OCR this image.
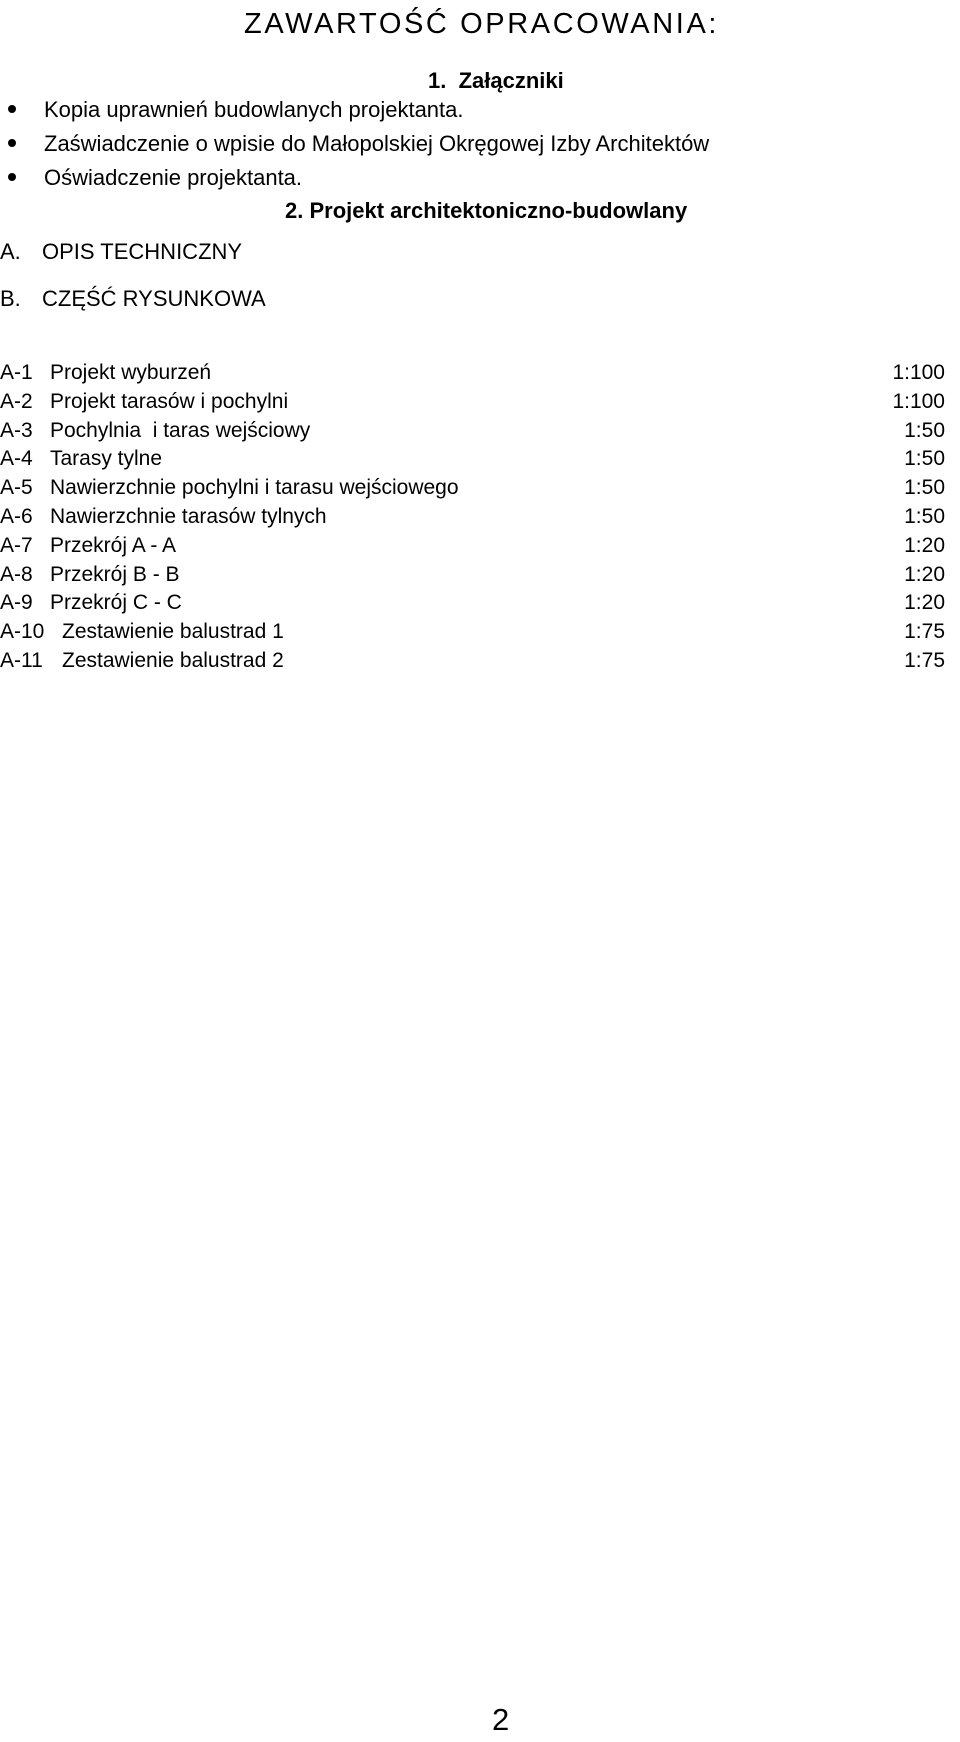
ZAWARTOŚĆ OPRACOWANIA:
1.  Załączniki
Kopia uprawnień budowlanych projektanta.
Zaświadczenie o wpisie do Małopolskiej Okręgowej Izby Architektów
Oświadczenie projektanta.
2. Projekt architektoniczno-budowlany
A. OPIS TECHNICZNY
B. CZĘŚĆ RYSUNKOWA
A-1 Projekt wyburzeń	1:100
A-2 Projekt tarasów i pochylni	1:100
A-3 Pochylnia  i taras wejściowy	1:50
A-4 Tarasy tylne	1:50
A-5 Nawierzchnie pochylni i tarasu wejściowego	1:50
A-6 Nawierzchnie tarasów tylnych	1:50
A-7 Przekrój A - A	1:20
A-8 Przekrój B - B	1:20
A-9 Przekrój C - C	1:20
A-10 Zestawienie balustrad 1	1:75
A-11 Zestawienie balustrad 2	1:75
2
